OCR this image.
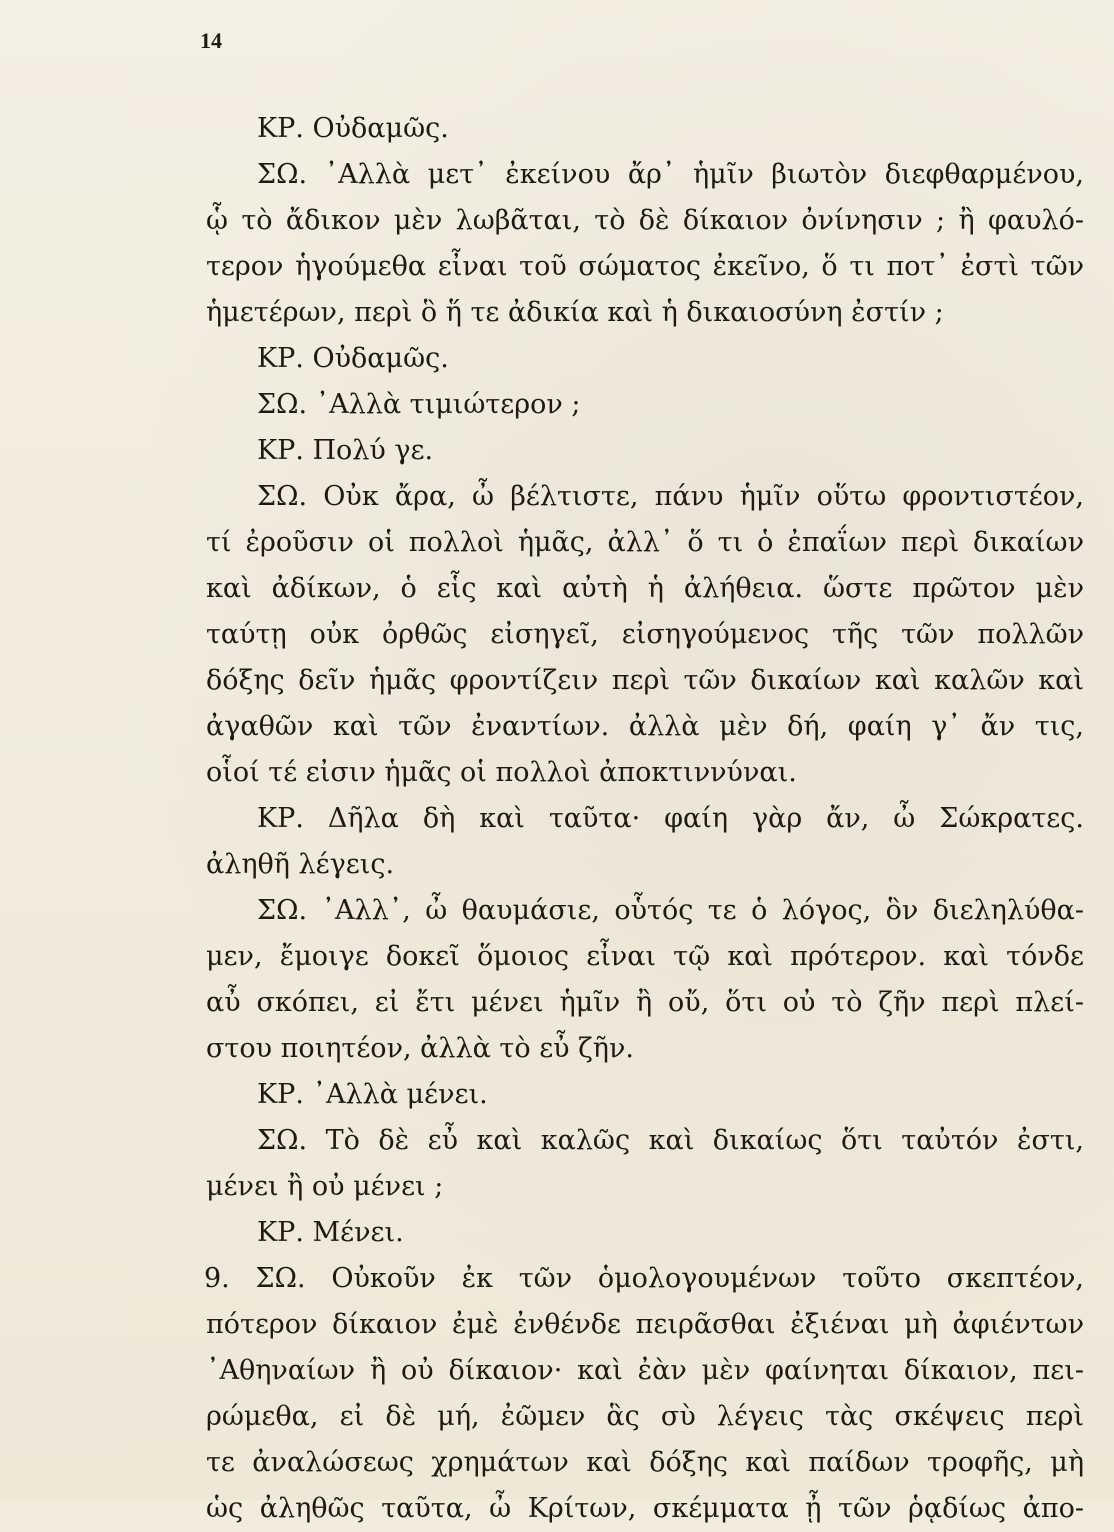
14
ΚΡ. Οὐδαμῶς.
ΣΩ. ᾿Αλλὰ μετ᾿ ἐκείνου ἄρ᾿ ἡμῖν βιωτὸν διεφθαρμένου,
ᾧ τὸ ἄδικον μὲν λωβᾶται, τὸ δὲ δίκαιον ὀνίνησιν ; ἢ φαυλό-
τερον ἡγούμεθα εἶναι τοῦ σώματος ἐκεῖνο, ὅ τι ποτ᾿ ἐστὶ τῶν
ἡμετέρων, περὶ ὃ ἥ τε ἀδικία καὶ ἡ δικαιοσύνη ἐστίν ;
ΚΡ. Οὐδαμῶς.
ΣΩ. ᾿Αλλὰ τιμιώτερον ;
ΚΡ. Πολύ γε.
ΣΩ. Οὐκ ἄρα, ὦ βέλτιστε, πάνυ ἡμῖν οὕτω φροντιστέον,
τί ἐροῦσιν οἱ πολλοὶ ἡμᾶς, ἀλλ᾿ ὅ τι ὁ ἐπαΐων περὶ δικαίων
καὶ ἀδίκων, ὁ εἷς καὶ αὐτὴ ἡ ἀλήθεια. ὥστε πρῶτον μὲν
ταύτῃ οὐκ ὀρθῶς εἰσηγεῖ, εἰσηγούμενος τῆς τῶν πολλῶν
δόξης δεῖν ἡμᾶς φροντίζειν περὶ τῶν δικαίων καὶ καλῶν καὶ
ἀγαθῶν καὶ τῶν ἐναντίων. ἀλλὰ μὲν δή, φαίη γ᾿ ἄν τις,
οἷοί τέ εἰσιν ἡμᾶς οἱ πολλοὶ ἀποκτιννύναι.
ΚΡ. Δῆλα δὴ καὶ ταῦτα· φαίη γὰρ ἄν, ὦ Σώκρατες.
ἀληθῆ λέγεις.
ΣΩ. ᾿Αλλ᾿, ὦ θαυμάσιε, οὗτός τε ὁ λόγος, ὃν διεληλύθα-
μεν, ἔμοιγε δοκεῖ ὅμοιος εἶναι τῷ καὶ πρότερον. καὶ τόνδε
αὖ σκόπει, εἰ ἔτι μένει ἡμῖν ἢ οὔ, ὅτι οὐ τὸ ζῆν περὶ πλεί-
στου ποιητέον, ἀλλὰ τὸ εὖ ζῆν.
ΚΡ. ᾿Αλλὰ μένει.
ΣΩ. Τὸ δὲ εὖ καὶ καλῶς καὶ δικαίως ὅτι ταὐτόν ἐστι,
μένει ἢ οὐ μένει ;
ΚΡ. Μένει.
9. ΣΩ. Οὐκοῦν ἐκ τῶν ὁμολογουμένων τοῦτο σκεπτέον,
πότερον δίκαιον ἐμὲ ἐνθένδε πειρᾶσθαι ἐξιέναι μὴ ἀφιέντων
᾿Αθηναίων ἢ οὐ δίκαιον· καὶ ἐὰν μὲν φαίνηται δίκαιον, πει-
ρώμεθα, εἰ δὲ μή, ἐῶμεν ἃς σὺ λέγεις τὰς σκέψεις περὶ
τε ἀναλώσεως χρημάτων καὶ δόξης καὶ παίδων τροφῆς, μὴ
ὡς ἀληθῶς ταῦτα, ὦ Κρίτων, σκέμματα ᾖ τῶν ῥᾳδίως ἀπο-
